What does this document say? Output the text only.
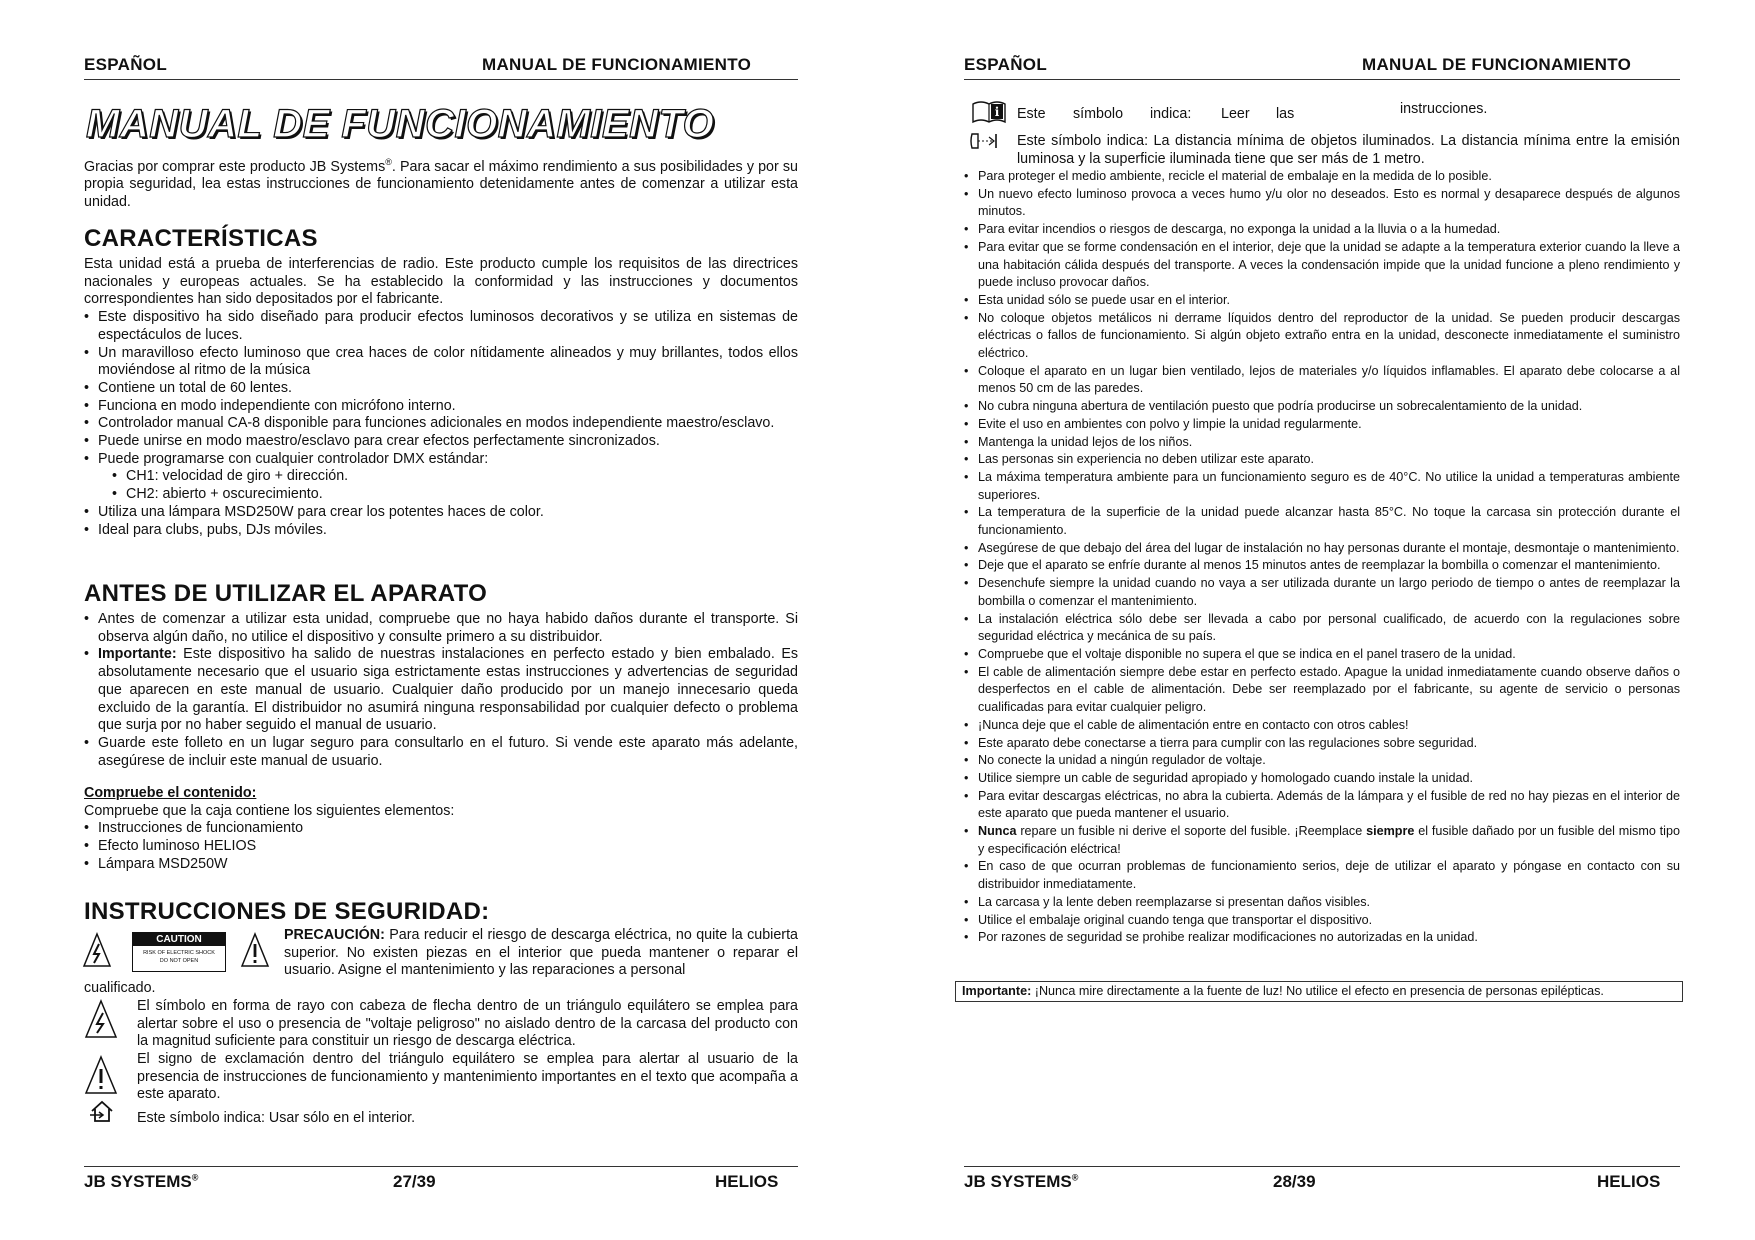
ESPAÑOL	MANUAL DE FUNCIONAMIENTO
MANUAL DE FUNCIONAMIENTO

Gracias por comprar este producto JB Systems®. Para sacar el máximo rendimiento a sus posibilidades y por su propia seguridad, lea estas instrucciones de funcionamiento detenidamente antes de comenzar a utilizar esta unidad.

CARACTERÍSTICAS

Esta unidad está a prueba de interferencias de radio. Este producto cumple los requisitos de las directrices nacionales y europeas actuales. Se ha establecido la conformidad y las instrucciones y documentos correspondientes han sido depositados por el fabricante.

• Este dispositivo ha sido diseñado para producir efectos luminosos decorativos y se utiliza en sistemas de espectáculos de luces.
• Un maravilloso efecto luminoso que crea haces de color nítidamente alineados y muy brillantes, todos ellos moviéndose al ritmo de la música
• Contiene un total de 60 lentes.
• Funciona en modo independiente con micrófono interno.
• Controlador manual CA-8 disponible para funciones adicionales en modos independiente maestro/esclavo.
• Puede unirse en modo maestro/esclavo para crear efectos perfectamente sincronizados.
• Puede programarse con cualquier controlador DMX estándar:
• CH1: velocidad de giro + dirección.
• CH2: abierto + oscurecimiento.
• Utiliza una lámpara MSD250W para crear los potentes haces de color.
• Ideal para clubs, pubs, DJs móviles.
ANTES DE UTILIZAR EL APARATO
• Antes de comenzar a utilizar esta unidad, compruebe que no haya habido daños durante el transporte. Si observa algún daño, no utilice el dispositivo y consulte primero a su distribuidor.
• Importante: Este dispositivo ha salido de nuestras instalaciones en perfecto estado y bien embalado. Es absolutamente necesario que el usuario siga estrictamente estas instrucciones y advertencias de seguridad que aparecen en este manual de usuario. Cualquier daño producido por un manejo innecesario queda excluido de la garantía. El distribuidor no asumirá ninguna responsabilidad por cualquier defecto o problema que surja por no haber seguido el manual de usuario.
• Guarde este folleto en un lugar seguro para consultarlo en el futuro. Si vende este aparato más adelante, asegúrese de incluir este manual de usuario.

Compruebe el contenido:

Compruebe que la caja contiene los siguientes elementos:

• Instrucciones de funcionamiento
• Efecto luminoso HELIOS
• Lámpara MSD250W
INSTRUCCIONES DE SEGURIDAD:
CAUTION
RISK OF ELECTRIC SHOCK
DO NOT OPEN

PRECAUCIÓN: Para reducir el riesgo de descarga eléctrica, no quite la cubierta superior. No existen piezas en el interior que pueda mantener o reparar el usuario. Asigne el mantenimiento y las reparaciones a personal

cualificado.
El símbolo en forma de rayo con cabeza de flecha dentro de un triángulo equilátero se emplea para alertar sobre el uso o presencia de "voltaje peligroso" no aislado dentro de la carcasa del producto con la magnitud suficiente para constituir un riesgo de descarga eléctrica.
El signo de exclamación dentro del triángulo equilátero se emplea para alertar al usuario de la presencia de instrucciones de funcionamiento y mantenimiento importantes en el texto que acompaña a este aparato.
Este símbolo indica: Usar sólo en el interior.
JB SYSTEMS®	27/39	HELIOS
ESPAÑOL	MANUAL DE FUNCIONAMIENTO
i Este símbolo indica: Leer las	instrucciones.
Este símbolo indica: La distancia mínima de objetos iluminados. La distancia mínima entre la emisión luminosa y la superficie iluminada tiene que ser más de 1 metro.
• Para proteger el medio ambiente, recicle el material de embalaje en la medida de lo posible.
• Un nuevo efecto luminoso provoca a veces humo y/u olor no deseados. Esto es normal y desaparece después de algunos minutos.
• Para evitar incendios o riesgos de descarga, no exponga la unidad a la lluvia o a la humedad.
• Para evitar que se forme condensación en el interior, deje que la unidad se adapte a la temperatura exterior cuando la lleve a una habitación cálida después del transporte. A veces la condensación impide que la unidad funcione a pleno rendimiento y puede incluso provocar daños.
• Esta unidad sólo se puede usar en el interior.
• No coloque objetos metálicos ni derrame líquidos dentro del reproductor de la unidad. Se pueden producir descargas eléctricas o fallos de funcionamiento. Si algún objeto extraño entra en la unidad, desconecte inmediatamente el suministro eléctrico.
• Coloque el aparato en un lugar bien ventilado, lejos de materiales y/o líquidos inflamables. El aparato debe colocarse a al menos 50 cm de las paredes.
• No cubra ninguna abertura de ventilación puesto que podría producirse un sobrecalentamiento de la unidad.
• Evite el uso en ambientes con polvo y limpie la unidad regularmente.
• Mantenga la unidad lejos de los niños.
• Las personas sin experiencia no deben utilizar este aparato.
• La máxima temperatura ambiente para un funcionamiento seguro es de 40°C. No utilice la unidad a temperaturas ambiente superiores.
• La temperatura de la superficie de la unidad puede alcanzar hasta 85°C. No toque la carcasa sin protección durante el funcionamiento.
• Asegúrese de que debajo del área del lugar de instalación no hay personas durante el montaje, desmontaje o mantenimiento.
• Deje que el aparato se enfríe durante al menos 15 minutos antes de reemplazar la bombilla o comenzar el mantenimiento.
• Desenchufe siempre la unidad cuando no vaya a ser utilizada durante un largo periodo de tiempo o antes de reemplazar la bombilla o comenzar el mantenimiento.
• La instalación eléctrica sólo debe ser llevada a cabo por personal cualificado, de acuerdo con la regulaciones sobre seguridad eléctrica y mecánica de su país.
• Compruebe que el voltaje disponible no supera el que se indica en el panel trasero de la unidad.
• El cable de alimentación siempre debe estar en perfecto estado. Apague la unidad inmediatamente cuando observe daños o desperfectos en el cable de alimentación. Debe ser reemplazado por el fabricante, su agente de servicio o personas cualificadas para evitar cualquier peligro.
• ¡Nunca deje que el cable de alimentación entre en contacto con otros cables!
• Este aparato debe conectarse a tierra para cumplir con las regulaciones sobre seguridad.
• No conecte la unidad a ningún regulador de voltaje.
• Utilice siempre un cable de seguridad apropiado y homologado cuando instale la unidad.
• Para evitar descargas eléctricas, no abra la cubierta. Además de la lámpara y el fusible de red no hay piezas en el interior de este aparato que pueda mantener el usuario.
• Nunca repare un fusible ni derive el soporte del fusible. ¡Reemplace siempre el fusible dañado por un fusible del mismo tipo y especificación eléctrica!
• En caso de que ocurran problemas de funcionamiento serios, deje de utilizar el aparato y póngase en contacto con su distribuidor inmediatamente.
• La carcasa y la lente deben reemplazarse si presentan daños visibles.
• Utilice el embalaje original cuando tenga que transportar el dispositivo.
• Por razones de seguridad se prohibe realizar modificaciones no autorizadas en la unidad.
Importante: ¡Nunca mire directamente a la fuente de luz! No utilice el efecto en presencia de personas epilépticas.
JB SYSTEMS®	28/39	HELIOS
